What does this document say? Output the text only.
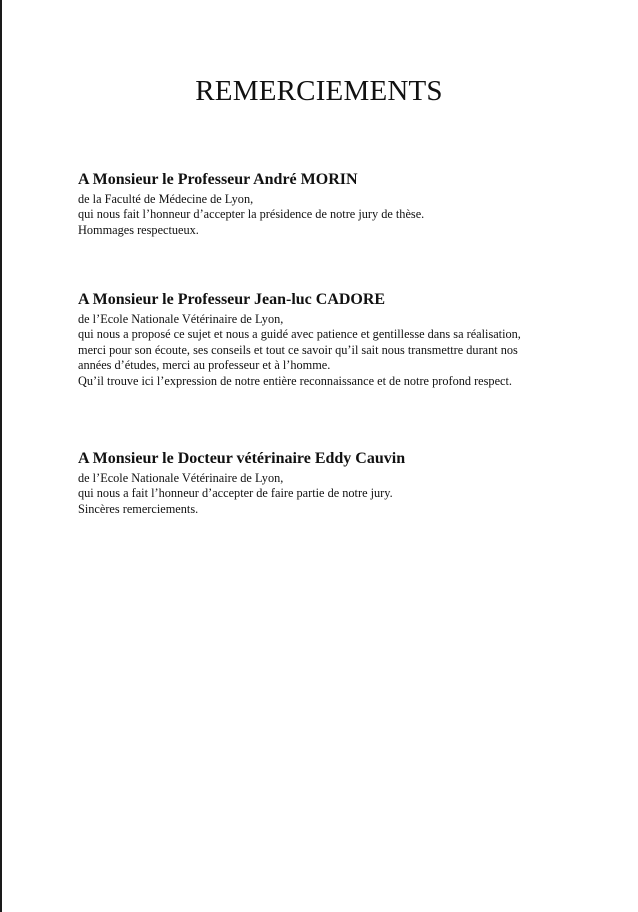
REMERCIEMENTS
A Monsieur le Professeur André MORIN

de la Faculté de Médecine de Lyon,

qui nous fait l’honneur d’accepter la présidence de notre jury de thèse.

Hommages respectueux.

A Monsieur le Professeur Jean-luc CADORE

de l’Ecole Nationale Vétérinaire de Lyon,

qui nous a proposé ce sujet et nous a guidé avec patience et gentillesse dans sa réalisation,

merci pour son écoute, ses conseils et tout ce savoir qu’il sait nous transmettre durant nos

années d’études, merci au professeur et à l’homme.

Qu’il trouve ici l’expression de notre entière reconnaissance et de notre profond respect.

A Monsieur le Docteur vétérinaire Eddy Cauvin

de l’Ecole Nationale Vétérinaire de Lyon,

qui nous a fait l’honneur d’accepter de faire partie de notre jury.

Sincères remerciements.
